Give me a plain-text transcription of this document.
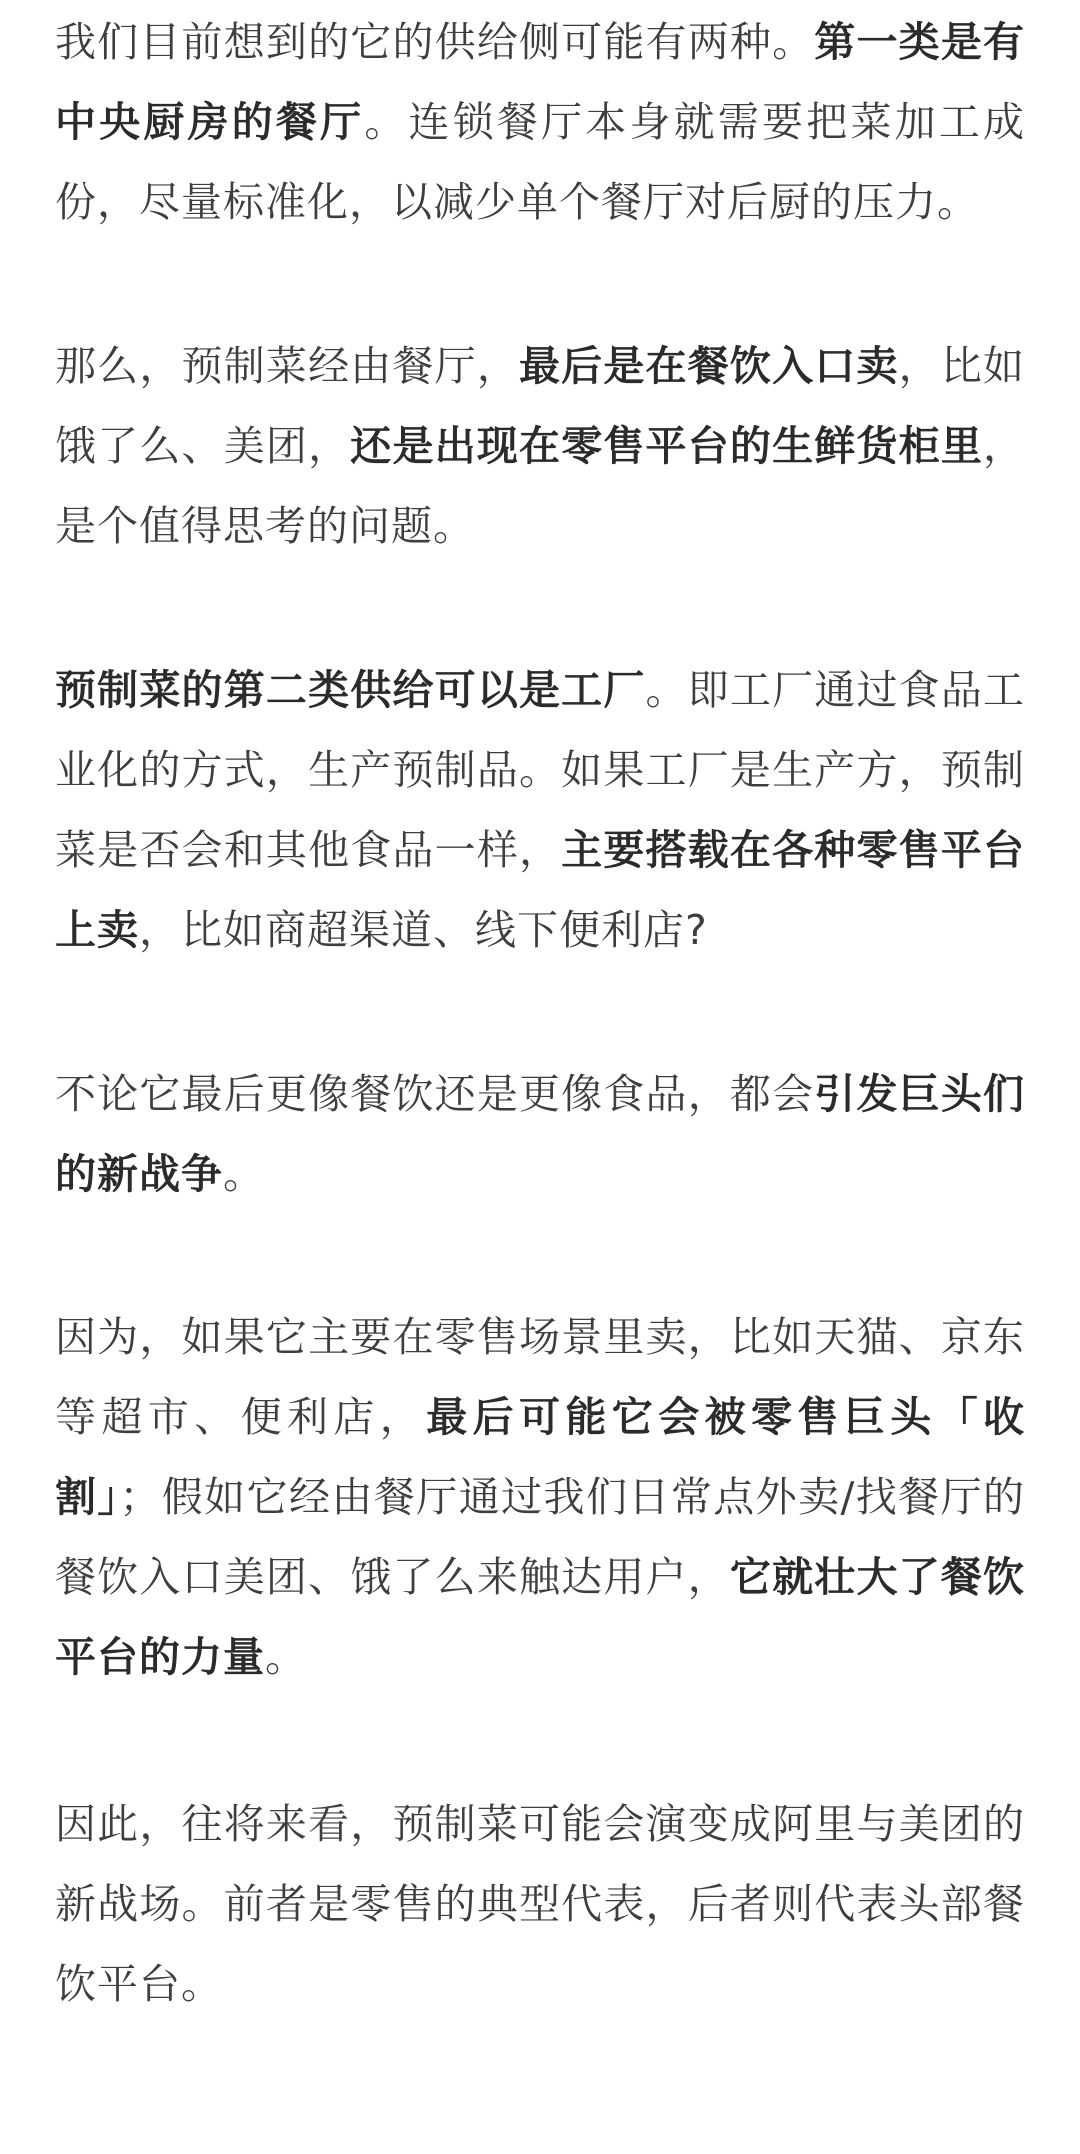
我们目前想到的它的供给侧可能有两种。第一类是有中央厨房的餐厅。连锁餐厅本身就需要把菜加工成份，尽量标准化，以减少单个餐厅对后厨的压力。

那么，预制菜经由餐厅，最后是在餐饮入口卖，比如饿了么、美团，还是出现在零售平台的生鲜货柜里，是个值得思考的问题。

预制菜的第二类供给可以是工厂。即工厂通过食品工业化的方式，生产预制品。如果工厂是生产方，预制菜是否会和其他食品一样，主要搭载在各种零售平台上卖，比如商超渠道、线下便利店?

不论它最后更像餐饮还是更像食品，都会引发巨头们的新战争。

因为，如果它主要在零售场景里卖，比如天猫、京东等超市、便利店，最后可能它会被零售巨头「收割」；假如它经由餐厅通过我们日常点外卖/找餐厅的餐饮入口美团、饿了么来触达用户，它就壮大了餐饮平台的力量。

因此，往将来看，预制菜可能会演变成阿里与美团的新战场。前者是零售的典型代表，后者则代表头部餐饮平台。
